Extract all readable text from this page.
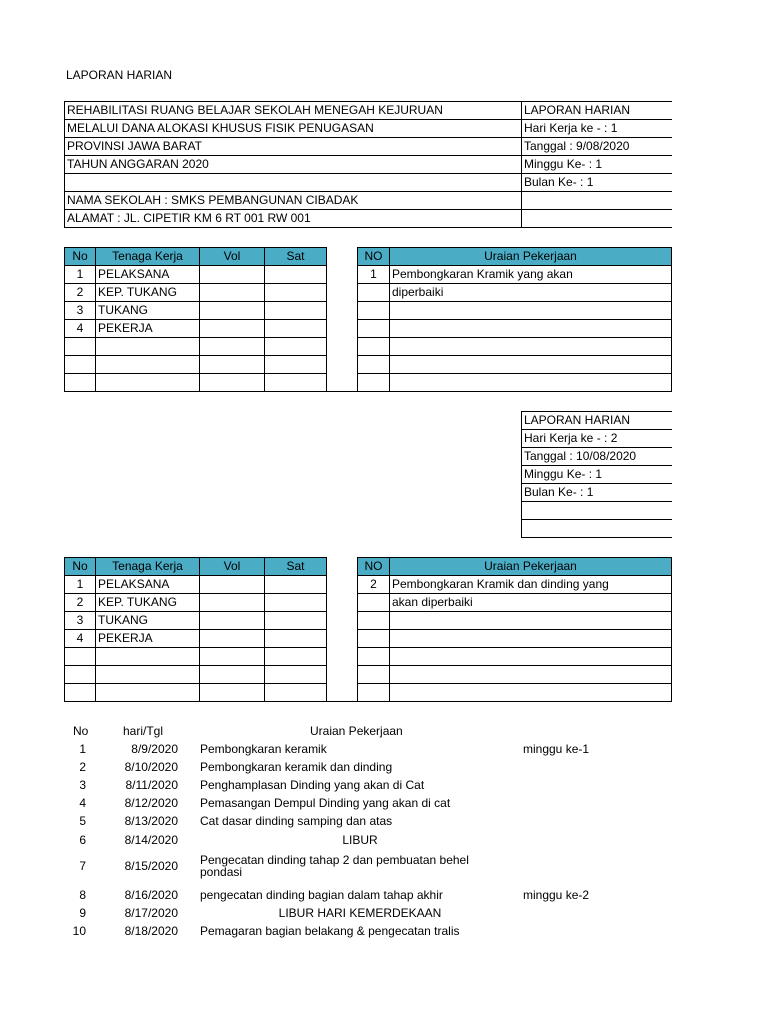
LAPORAN HARIAN
REHABILITASI RUANG BELAJAR SEKOLAH MENEGAH KEJURUAN	LAPORAN HARIAN
MELALUI DANA ALOKASI KHUSUS FISIK PENUGASAN	Hari Kerja ke - : 1
PROVINSI JAWA BARAT	Tanggal : 9/08/2020
TAHUN ANGGARAN 2020	Minggu Ke- : 1
	Bulan Ke- : 1
NAMA SEKOLAH : SMKS PEMBANGUNAN CIBADAK	
ALAMAT : JL. CIPETIR KM 6 RT 001 RW 001	
No	Tenaga Kerja	Vol	Sat		NO	Uraian Pekerjaan
1	PELAKSANA				1	Pembongkaran Kramik yang akan
2	KEP. TUKANG					diperbaiki
3	TUKANG					
4	PEKERJA					

LAPORAN HARIAN
Hari Kerja ke - : 2
Tanggal : 10/08/2020
Minggu Ke- : 1
Bulan Ke- : 1

No	Tenaga Kerja	Vol	Sat		NO	Uraian Pekerjaan
1	PELAKSANA				2	Pembongkaran Kramik dan dinding yang
2	KEP. TUKANG					akan diperbaiki
3	TUKANG					
4	PEKERJA					

No	hari/Tgl	Uraian Pekerjaan
1	8/9/2020 Pembongkaran keramik	minggu ke-1
2	8/10/2020 Pembongkaran keramik dan dinding
3	8/11/2020 Penghamplasan Dinding yang akan di Cat
4	8/12/2020 Pemasangan Dempul Dinding yang akan di cat
5	8/13/2020 Cat dasar dinding samping dan atas
6	8/14/2020	LIBUR
7	8/15/2020 Pengecatan dinding tahap 2 dan pembuatan behel
pondasi
8	8/16/2020 pengecatan dinding bagian dalam tahap akhir	minggu ke-2
9	8/17/2020	LIBUR HARI KEMERDEKAAN
10	8/18/2020 Pemagaran bagian belakang & pengecatan tralis
